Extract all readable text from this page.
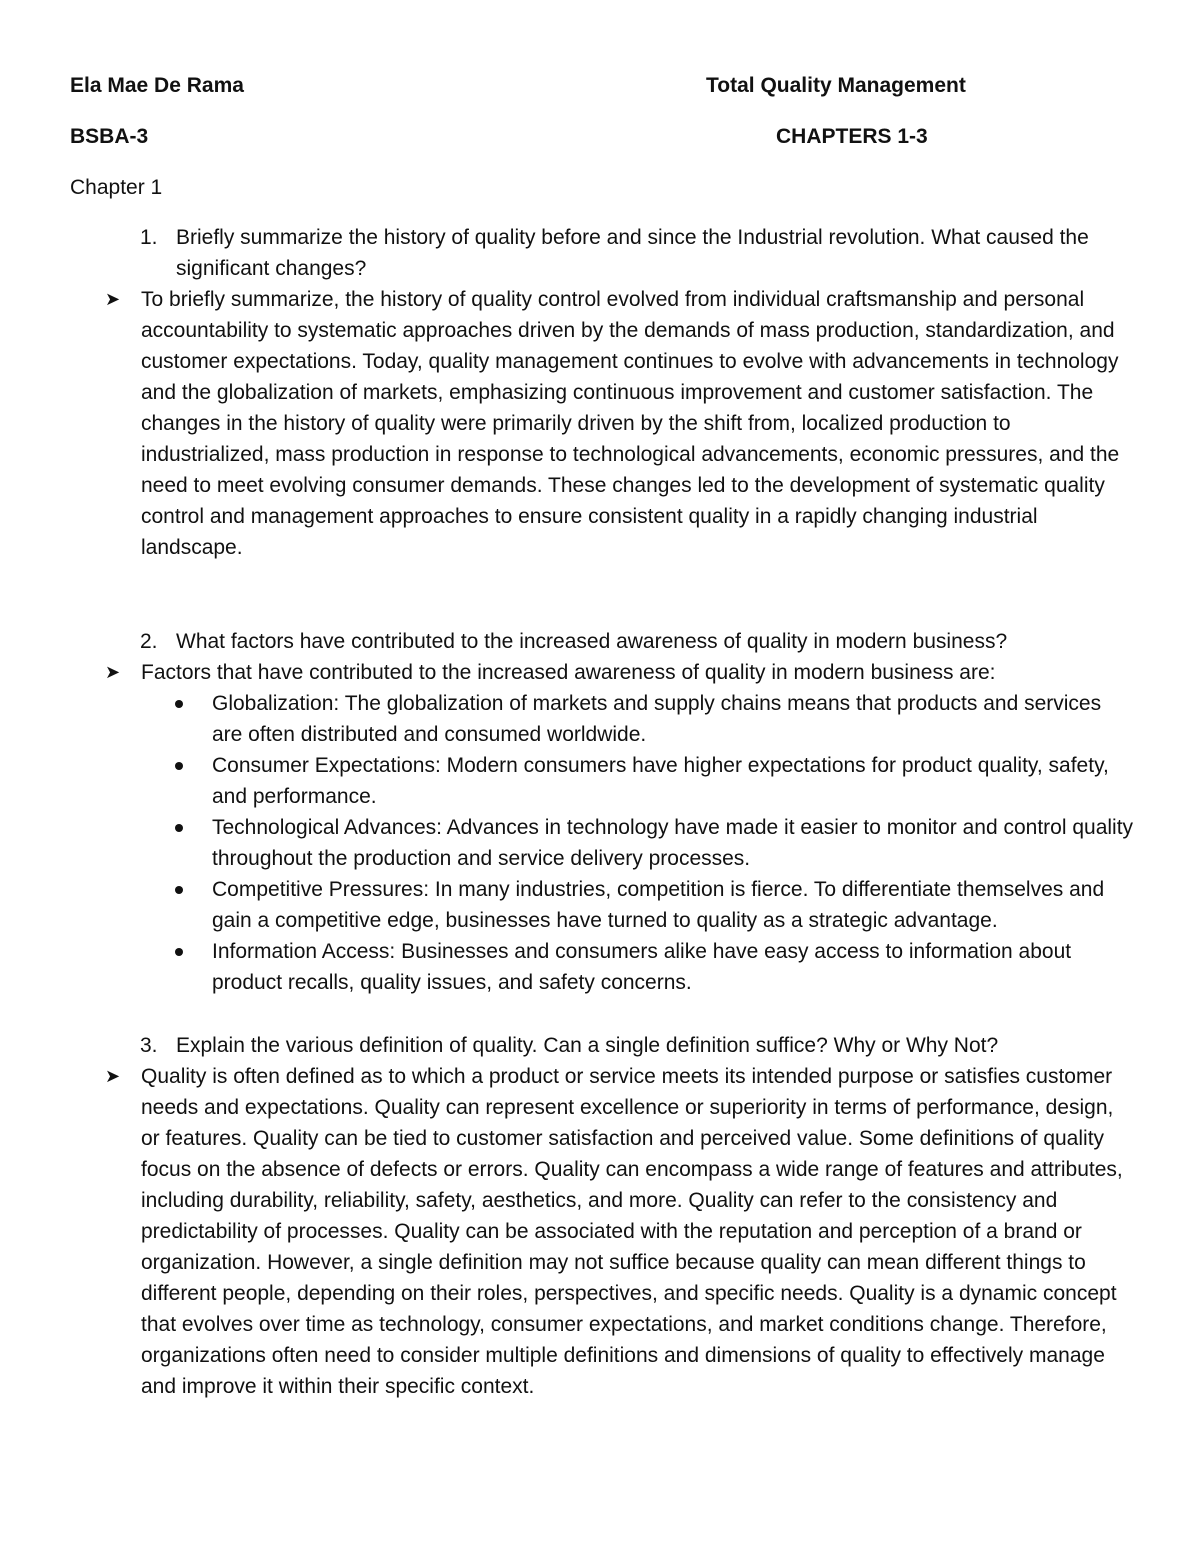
Ela Mae De Rama	Total Quality Management
BSBA-3	CHAPTERS 1-3
Chapter 1
1. Briefly summarize the history of quality before and since the Industrial revolution. What caused the significant changes?
➤ To briefly summarize, the history of quality control evolved from individual craftsmanship and personal accountability to systematic approaches driven by the demands of mass production, standardization, and customer expectations. Today, quality management continues to evolve with advancements in technology and the globalization of markets, emphasizing continuous improvement and customer satisfaction. The changes in the history of quality were primarily driven by the shift from, localized production to industrialized, mass production in response to technological advancements, economic pressures, and the need to meet evolving consumer demands. These changes led to the development of systematic quality control and management approaches to ensure consistent quality in a rapidly changing industrial landscape.

2. What factors have contributed to the increased awareness of quality in modern business?
➤ Factors that have contributed to the increased awareness of quality in modern business are:

Globalization: The globalization of markets and supply chains means that products and services are often distributed and consumed worldwide.
Consumer Expectations: Modern consumers have higher expectations for product quality, safety, and performance.
Technological Advances: Advances in technology have made it easier to monitor and control quality throughout the production and service delivery processes.
Competitive Pressures: In many industries, competition is fierce. To differentiate themselves and gain a competitive edge, businesses have turned to quality as a strategic advantage.
Information Access: Businesses and consumers alike have easy access to information about product recalls, quality issues, and safety concerns.
3. Explain the various definition of quality. Can a single definition suffice? Why or Why Not?
➤ Quality is often defined as to which a product or service meets its intended purpose or satisfies customer needs and expectations. Quality can represent excellence or superiority in terms of performance, design, or features. Quality can be tied to customer satisfaction and perceived value. Some definitions of quality focus on the absence of defects or errors. Quality can encompass a wide range of features and attributes, including durability, reliability, safety, aesthetics, and more. Quality can refer to the consistency and predictability of processes. Quality can be associated with the reputation and perception of a brand or organization. However, a single definition may not suffice because quality can mean different things to different people, depending on their roles, perspectives, and specific needs. Quality is a dynamic concept that evolves over time as technology, consumer expectations, and market conditions change. Therefore, organizations often need to consider multiple definitions and dimensions of quality to effectively manage and improve it within their specific context.
